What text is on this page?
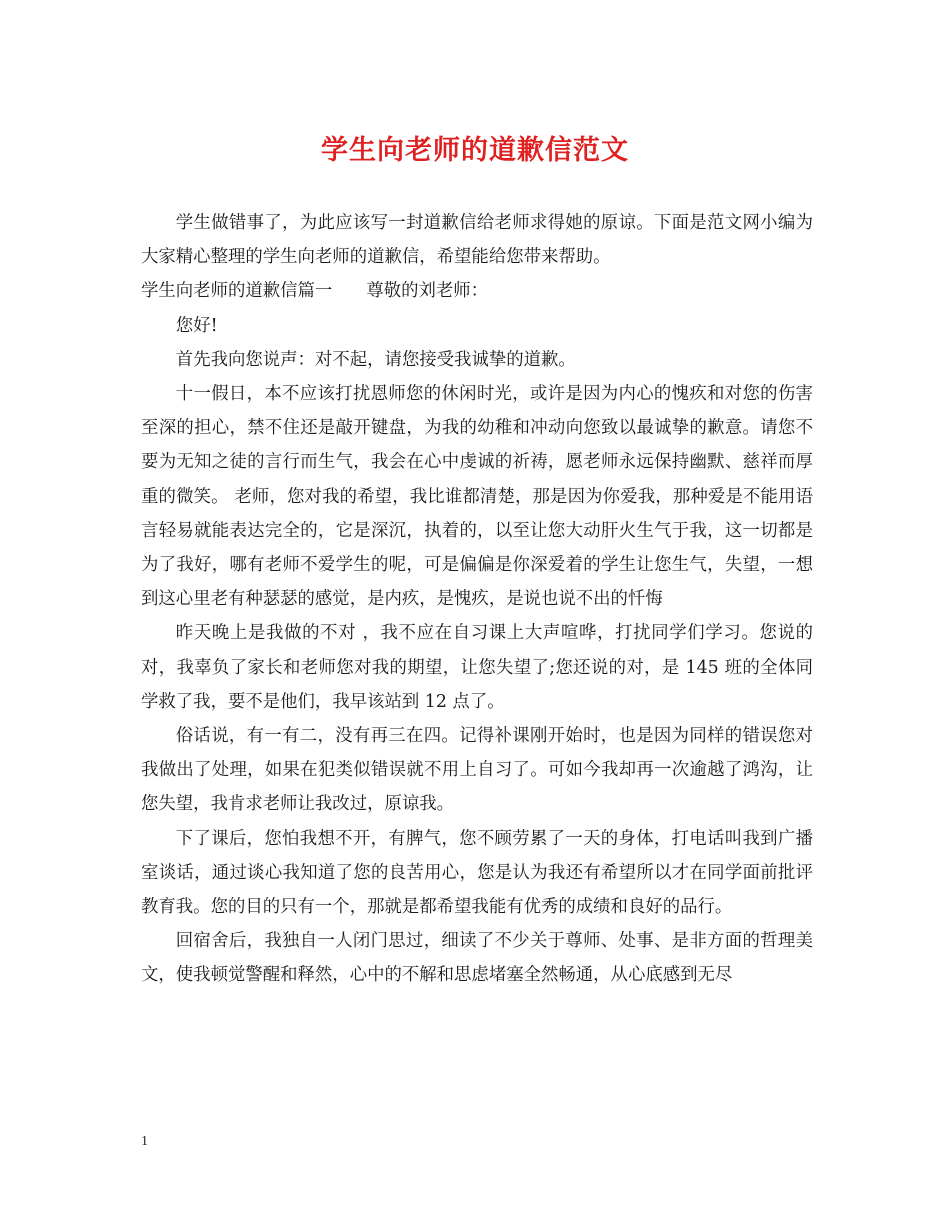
学生向老师的道歉信范文

学生做错事了，为此应该写一封道歉信给老师求得她的原谅。下面是范文网小编为大家精心整理的学生向老师的道歉信，希望能给您带来帮助。

学生向老师的道歉信篇一 尊敬的刘老师：

您好!

首先我向您说声：对不起，请您接受我诚挚的道歉。

十一假日，本不应该打扰恩师您的休闲时光，或许是因为内心的愧疚和对您的伤害至深的担心，禁不住还是敲开键盘，为我的幼稚和冲动向您致以最诚挚的歉意。请您不要为无知之徒的言行而生气，我会在心中虔诚的祈祷，愿老师永远保持幽默、慈祥而厚重的微笑。 老师，您对我的希望，我比谁都清楚，那是因为你爱我，那种爱是不能用语言轻易就能表达完全的，它是深沉，执着的，以至让您大动肝火生气于我，这一切都是为了我好，哪有老师不爱学生的呢，可是偏偏是你深爱着的学生让您生气，失望，一想到这心里老有种瑟瑟的感觉，是内疚，是愧疚，是说也说不出的忏悔

昨天晚上是我做的不对 ，我不应在自习课上大声喧哗，打扰同学们学习。您说的对，我辜负了家长和老师您对我的期望，让您失望了;您还说的对，是 145 班的全体同学救了我，要不是他们，我早该站到 12 点了。

俗话说，有一有二，没有再三在四。记得补课刚开始时，也是因为同样的错误您对我做出了处理，如果在犯类似错误就不用上自习了。可如今我却再一次逾越了鸿沟，让您失望，我肯求老师让我改过，原谅我。

下了课后，您怕我想不开，有脾气，您不顾劳累了一天的身体，打电话叫我到广播室谈话，通过谈心我知道了您的良苦用心，您是认为我还有希望所以才在同学面前批评教育我。您的目的只有一个，那就是都希望我能有优秀的成绩和良好的品行。

回宿舍后，我独自一人闭门思过，细读了不少关于尊师、处事、是非方面的哲理美文，使我顿觉警醒和释然，心中的不解和思虑堵塞全然畅通，从心底感到无尽

1
